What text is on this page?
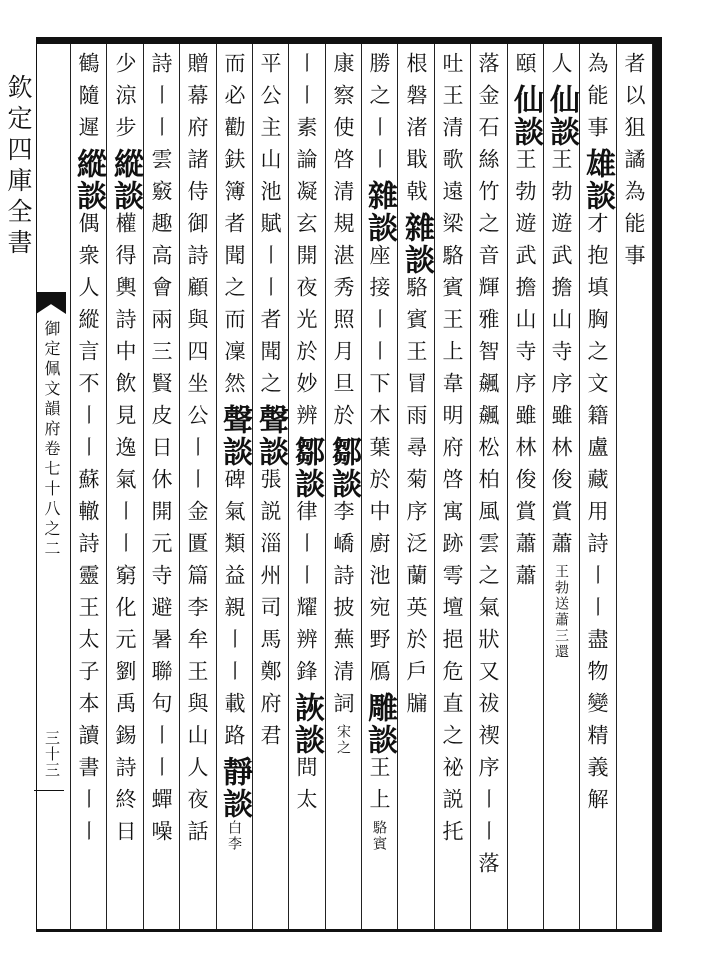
欽定四庫全書
御定佩文韻府卷七十八之二
三十三
者以狙譎為能事
為能事雄談才抱填胸之文籍盧藏用詩〡〡盡物變精義解
人仙談王勃遊武擔山寺序雖林俊賞蕭王勃送蕭三還
頤仙談王勃遊武擔山寺序雖林俊賞蕭蕭
落金石絲竹之音輝雅智飆飆松柏風雲之氣狀又祓禊序〡〡落
吐王清歌遠梁駱賓王上韋明府啓寓跡雩壇挹危直之祕説托
根磐渚戢戟雜談駱賓王冒雨尋菊序泛蘭英於戶牖
勝之〡〡雜談座接〡〡下木葉於中廚池宛野鴈雕談王上駱賓
康察使啓清規湛秀照月旦於鄒談李嶠詩披蕪清詞宋之
〡〡素論凝玄開夜光於妙辨鄒談律〡〡耀辨鋒詼談問太
平公主山池賦〡〡者聞之聲談張説淄州司馬鄭府君
而必勸鈇簿者聞之而凜然聲談碑氣類益親〡〡載路靜談白李
贈幕府諸侍御詩顧與四坐公〡〡金匱篇李牟王與山人夜話
詩〡〡雲竅趣高會兩三賢皮日休開元寺避暑聯句〡〡蟬噪
少涼步縱談權得輿詩中飲見逸氣〡〡窮化元劉禹錫詩終日
鶴隨遲縱談偶衆人縱言不〡〡蘇轍詩靈王太子本讀書〡〡
